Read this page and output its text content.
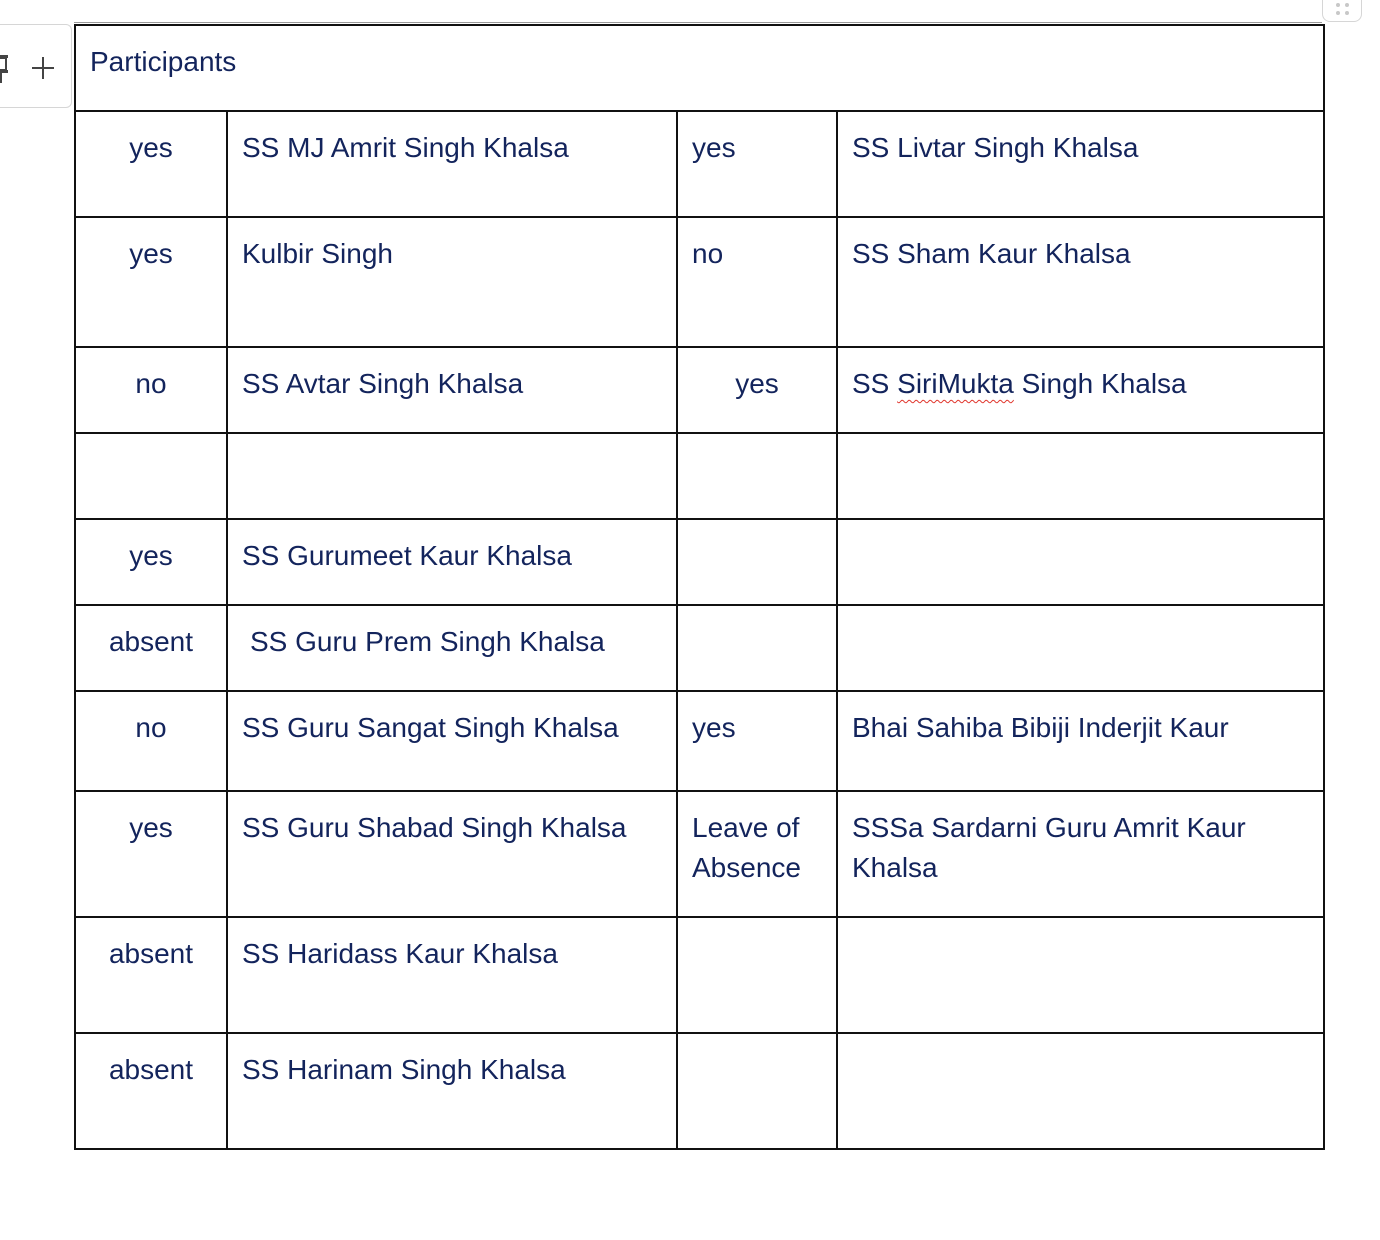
Participants			
yes	SS MJ Amrit Singh Khalsa	yes	SS Livtar Singh Khalsa
yes	Kulbir Singh	no	SS Sham Kaur Khalsa
no	SS Avtar Singh Khalsa	yes	SS SiriMukta Singh Khalsa

yes	SS Gurumeet Kaur Khalsa		
absent	SS Guru Prem Singh Khalsa		
no	SS Guru Sangat Singh Khalsa	yes	Bhai Sahiba Bibiji Inderjit Kaur
yes	SS Guru Shabad Singh Khalsa	Leave of Absence	SSSa Sardarni Guru Amrit Kaur Khalsa
absent	SS Haridass Kaur Khalsa		
absent	SS Harinam Singh Khalsa		
